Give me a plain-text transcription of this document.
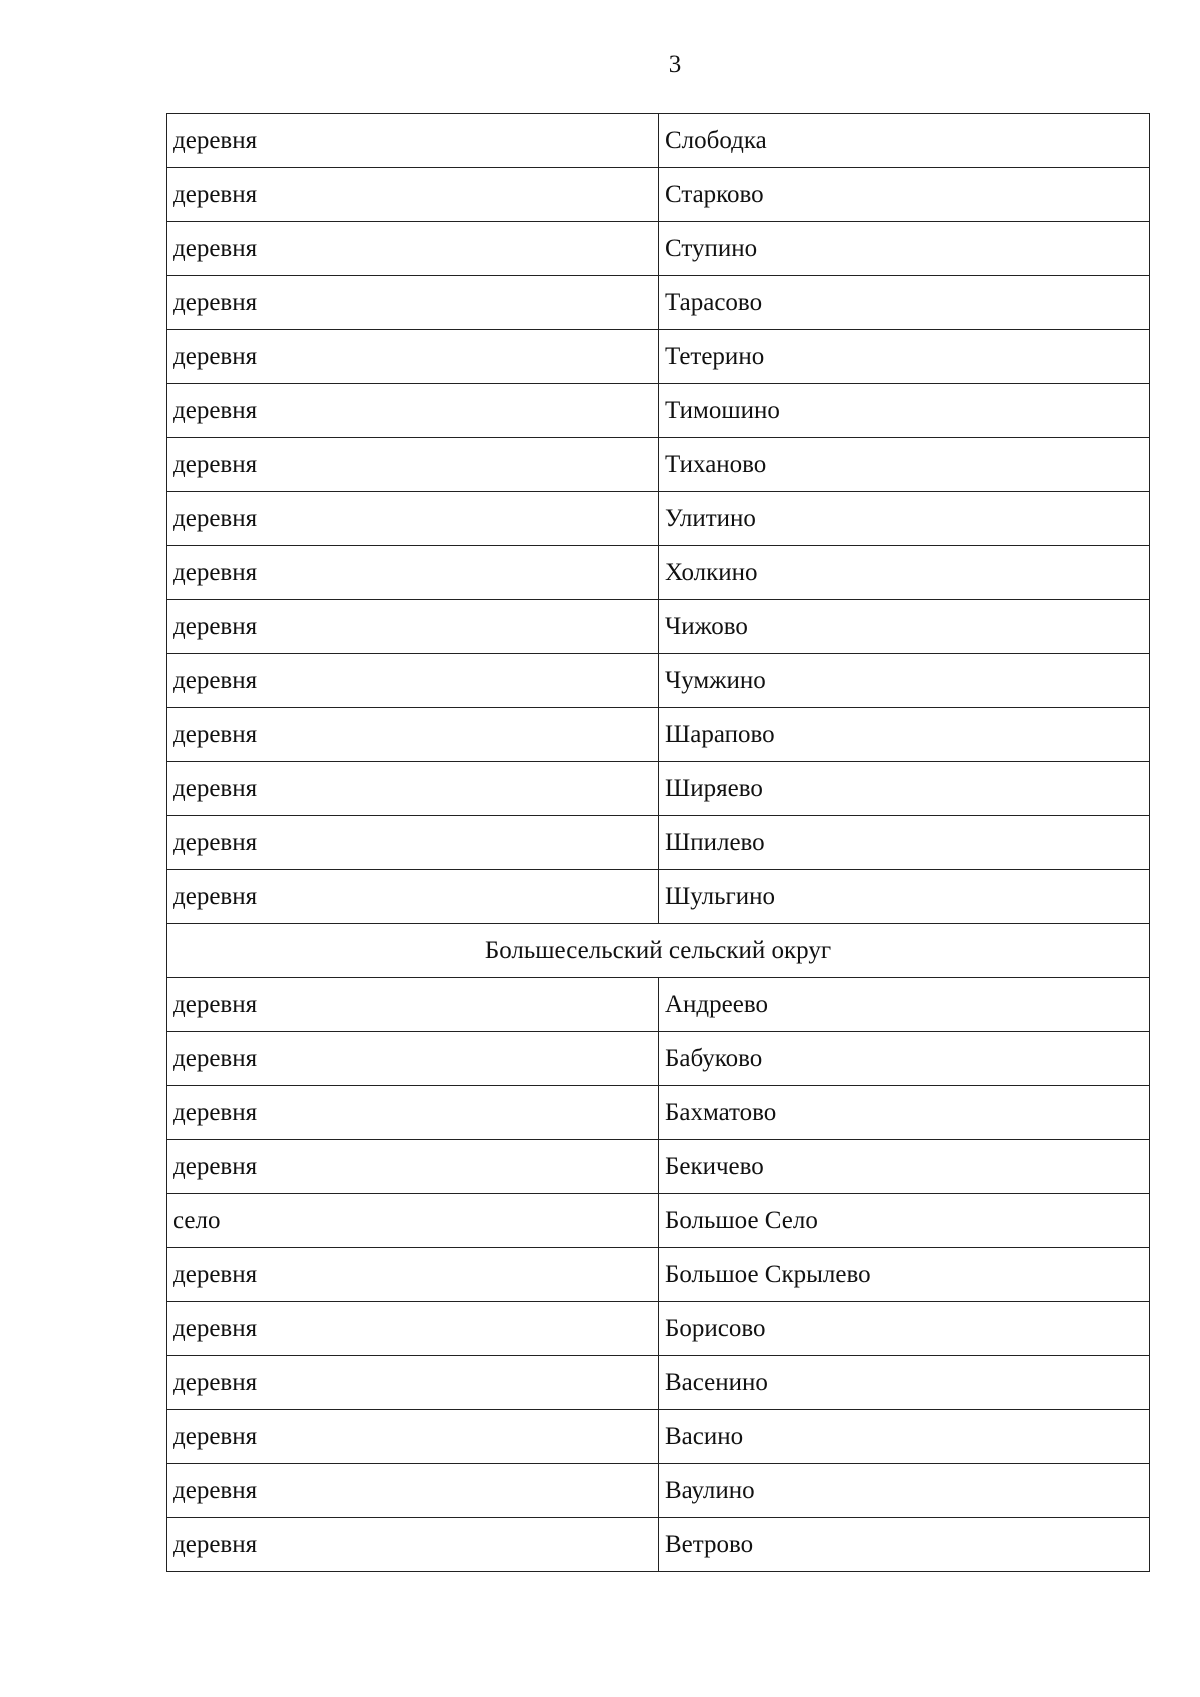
3
деревня	Слободка
деревня	Старково
деревня	Ступино
деревня	Тарасово
деревня	Тетерино
деревня	Тимошино
деревня	Тиханово
деревня	Улитино
деревня	Холкино
деревня	Чижово
деревня	Чумжино
деревня	Шарапово
деревня	Ширяево
деревня	Шпилево
деревня	Шульгино
Большесельский сельский округ	
деревня	Андреево
деревня	Бабуково
деревня	Бахматово
деревня	Бекичево
село	Большое Село
деревня	Большое Скрылево
деревня	Борисово
деревня	Васенино
деревня	Васино
деревня	Ваулино
деревня	Ветрово
